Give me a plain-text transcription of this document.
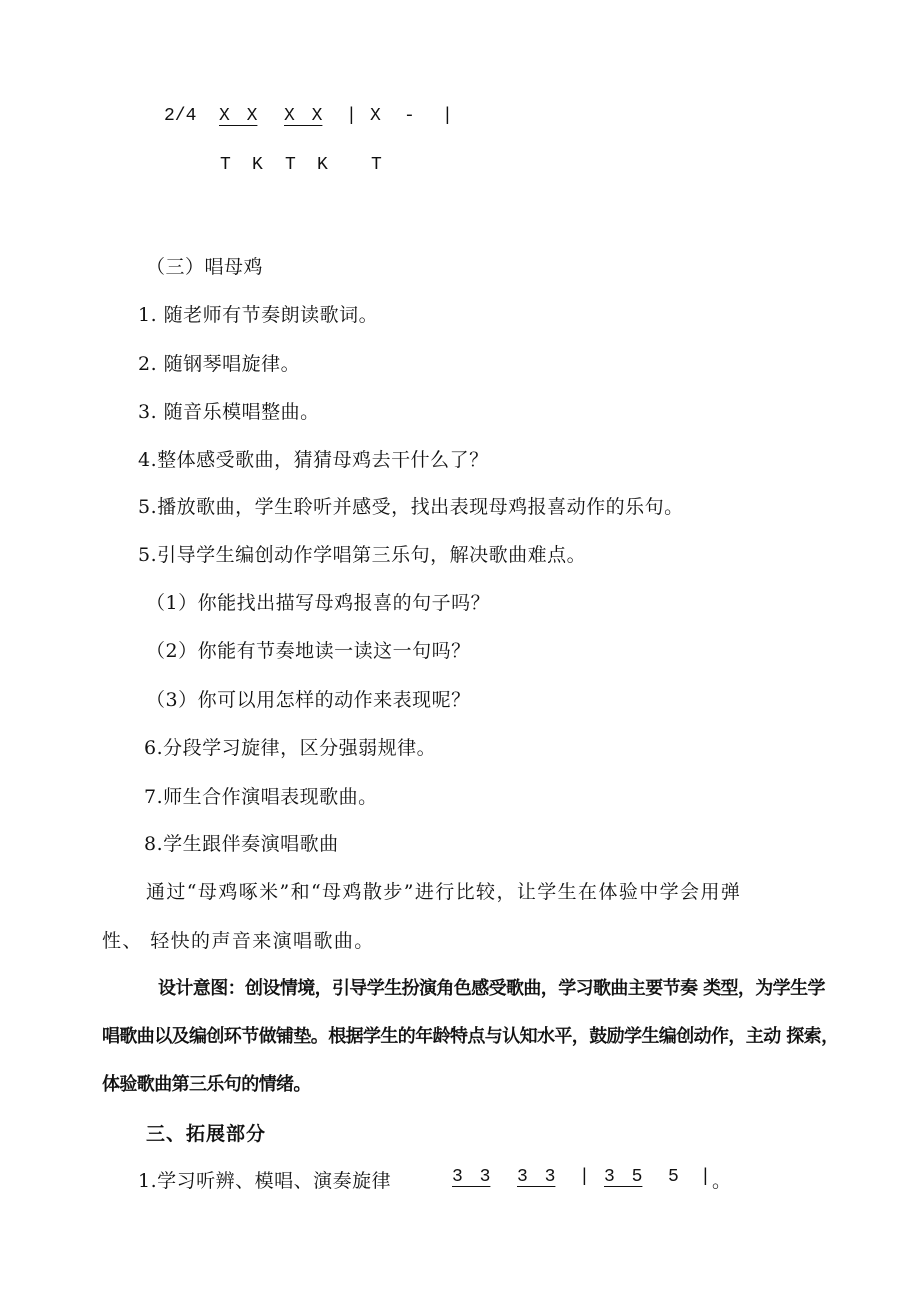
2/4 X X X X | X - |
T K T K T
（三）唱母鸡
1. 随老师有节奏朗读歌词。
2. 随钢琴唱旋律。
3. 随音乐模唱整曲。
4.整体感受歌曲，猜猜母鸡去干什么了？
5.播放歌曲，学生聆听并感受，找出表现母鸡报喜动作的乐句。
5.引导学生编创动作学唱第三乐句，解决歌曲难点。
（1）你能找出描写母鸡报喜的句子吗？
（2）你能有节奏地读一读这一句吗？
（3）你可以用怎样的动作来表现呢？
6.分段学习旋律，区分强弱规律。
7.师生合作演唱表现歌曲。
8.学生跟伴奏演唱歌曲
通过“母鸡啄米”和“母鸡散步”进行比较，让学生在体验中学会用弹
性、 轻快的声音来演唱歌曲。
设计意图：创设情境，引导学生扮演角色感受歌曲，学习歌曲主要节奏 类型，为学生学
唱歌曲以及编创环节做铺垫。根据学生的年龄特点与认知水平，鼓励学生编创动作，主动 探索，
体验歌曲第三乐句的情绪。
三、拓展部分
1.学习听辨、模唱、演奏旋律	3 3 3 3 | 3 5 5 | 。
